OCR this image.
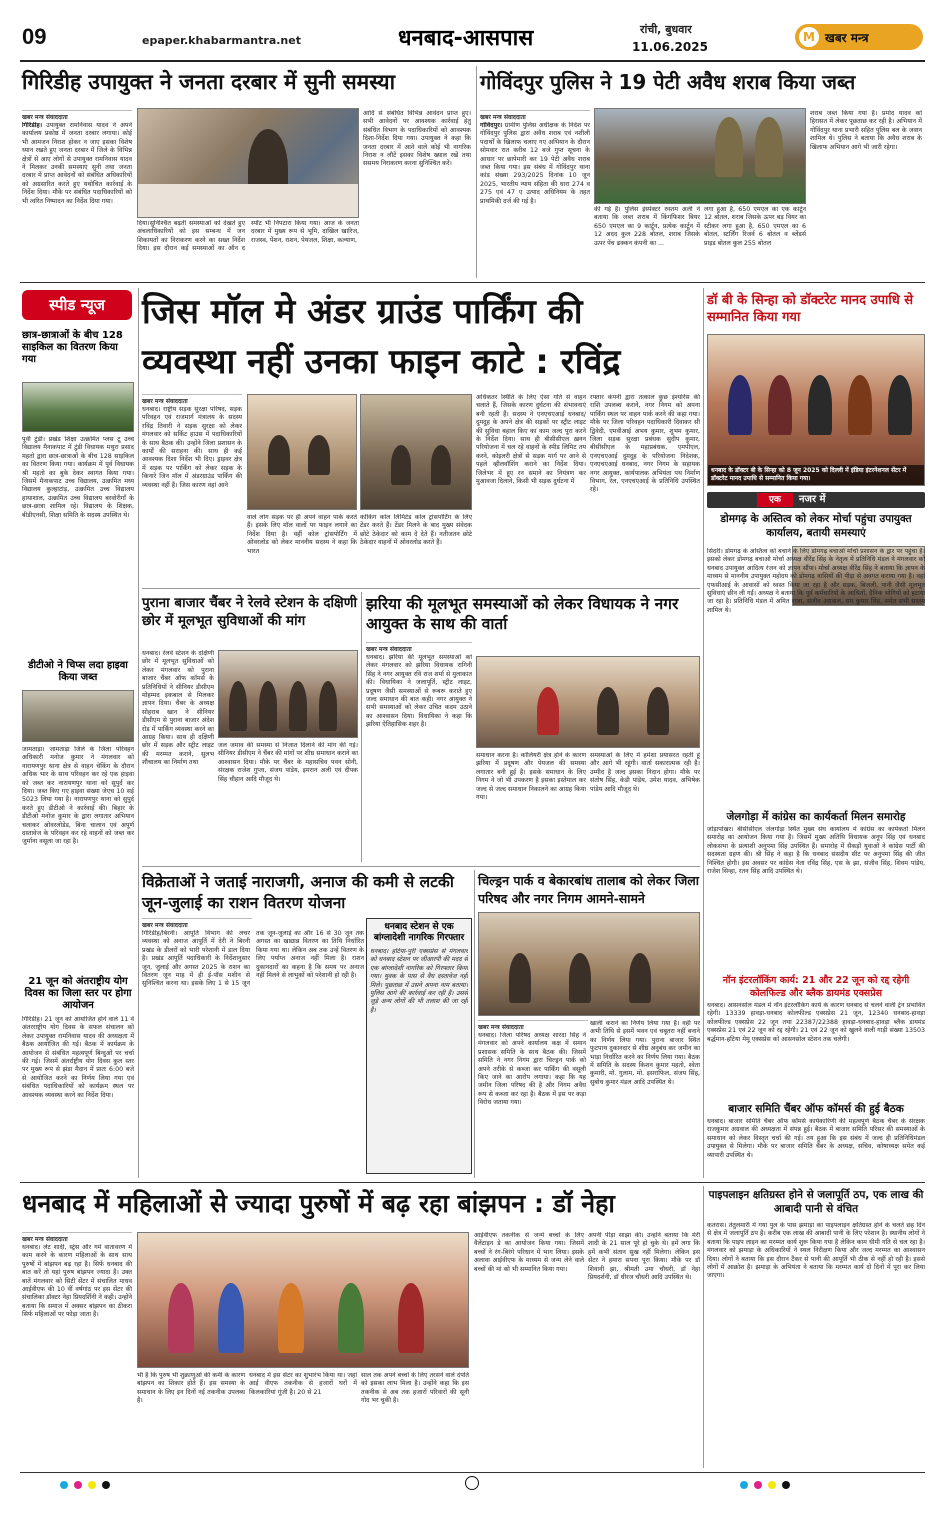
09	epaper.khabarmantra.net	धनबाद-आसपास	रांची, बुधवार
11.06.2025
M खबर मन्त्र
गिरिडीह उपायुक्त ने जनता दरबार में सुनी समस्या
खबर मन्त्र संवाददाता
गिरिडीह। उपायुक्त रामनिवास यादव ने अपने कार्यालय प्रकोष्ठ में जनता दरबार लगाया। कोई भी आमजन निराश होकर न जाए इसका विशेष ध्यान रखते हुए जनता दरबार में जिले के विभिन्न क्षेत्रों से आए लोगों से उपायुक्त रामनिवास यादव ने मिलकर उनकी समस्याएं सुनी तथा जनता दरबार में प्राप्त आवेदनों को संबंधित अधिकारियों को अग्रसारित करते हुए यथोचित कार्रवाई के निर्देश दिया। मौके पर संबंधित पदाधिकारियों को भी त्वरित निष्पादन का निर्देश दिया गया।
दिया।सुनिश्चित बढ़ती समस्याओं को देखते हुए अंचलाधिकारियों को इस सम्बन्ध में जन शिकायतों का निराकरण करने का सख्त निर्देश दिया। इस दौरान कई समस्याओं का ऑन द स्पॉट भी निपटारा किया गया। आज के जनता दरबार में मुख्य रूप से भूमि, दाखिल खारिज, राजस्व, पेंशन, राशन, पेयजल, शिक्षा, कल्याण,
आदि से संबंधित विभिन्न आवेदन प्राप्त हुए। सभी आवेदनों पर आवश्यक कार्रवाई हेतु संबंधित विभाग के पदाधिकारियों को आवश्यक दिशा-निर्देश दिया गया। उपायुक्त ने कहा कि जनता दरबार में आने वाले कोई भी नागरिक निराश न लौटें इसका विशेष ख्याल रखें तथा ससमय निराकरण करना सुनिश्चित करें।
गोविंदपुर पुलिस ने 19 पेटी अवैध शराब किया जब्त
खबर मन्त्र संवाददाता
गोविंदपुर। ग्रामीण पुलिस अधीक्षक के निर्देश पर गोविंदपुर पुलिस द्वारा अवैध शराब एवं नशीली पदार्थों के खिलाफ चलाए गए अभियान के दौरान सोमवार रात करीब 12 बजे गुप्त सूचना के आधार पर छापेमारी कर 19 पेटी अवैध शराब जब्त किया गया। इस संबंध में गोविंदपुर थाना कांड संख्या 293/2025 दिनांक 10 जून 2025, भारतीय न्याय संहिता की धारा 274 व 275 एवं 47 ए उत्पाद अधिनियम के तहत प्राथमिकी दर्ज की गई है।
की गई है। पुलिस इंस्पेक्टर रुस्तम अली ने बताया कि जब्त शराब में किंगफिशर बियर 650 एमएल का 9 कार्टून, प्रत्येक कार्टून में 12 अदद कुल 228 बोतल, शराब जिसके ऊपर पेंच ढक्कन कंपनी का ...
लगा हुआ है, 650 एमएल का एक कार्टून 12 बोतल, शराब जिसके ऊपर बड़ वियर का स्टीकर लगा हुआ है, 650 एमएल का 6 बोतल, स्टर्लिंग रिजर्व 6 बोतल व ब्लेंडर्स प्राइड बोतल कुल 255 बोतल
शराब जब्त किया गया है। प्रमोद यादव को हिरासत में लेकर पूछताछ कर रही है। अभियान में गोविंदपुर थाना प्रभारी सहित पुलिस बल के जवान शामिल थे। पुलिस ने बताया कि अवैध शराब के खिलाफ अभियान आगे भी जारी रहेगा।
स्पीड न्यूज
छात्र-छात्राओं के बीच 128 साइकिल का वितरण किया गया
पूर्वी टुंडी। प्रखंड शिक्षा उत्क्रमित प्लस टू उच्च विद्यालय मैनाकपाट में टुंडी विधायक मथुरा प्रसाद महतो द्वारा छात्र-छात्राओं के बीच 128 साइकिल का वितरण किया गया। कार्यक्रम में पूर्व विधायक श्री महतो का बुके देकर स्वागत किया गया। जिसमें मैनाकपाट उच्च विद्यालय, उत्क्रमित मध्य विद्यालय कुल्हाटांड़, उत्क्रमित उच्च विद्यालय हाथाशाल, उत्क्रमित उच्च विद्यालय बरवोरीगाँ के छात्र-छात्रा शामिल रहे। विद्यालय के शिक्षक, बीडीएनसी, शिक्षा समिति के सदस्य उपस्थित थे।
डीटीओ ने चिप्स लदा हाइवा किया जब्त
जामताड़ा। जामताड़ा जिले के जिला परिवहन अधिकारी मनोज कुमार ने मंगलवार को नारायणपुर थाना क्षेत्र से वाहन चेकिंग के दौरान अधिक भार के साथ परिवहन कर रहे एक हाइवा को जब्त कर नारायणपुर थाना को सुपुर्द कर दिया। जब्त किए गए हाइवा संख्या जेएच 10 सई 5023 लिया गया है। नारायणपुर थाना को सुपुर्द करते हुए डीटीओ ने कार्रवाई की। बिहार के डीटीओ मनोज कुमार के द्वारा लगातार अभियान चलाकर ओवरलोडेड, बिना चालान एवं अपूर्ण दस्तावेज के परिवहन कर रहे वाहनों को जब्त कर जुर्माना वसूला जा रहा है।
21 जून को अंतराष्ट्रीय योग दिवस का जिला स्तर पर होगा आयोजन
गिरिडीह। 21 जून को आयोजित होने वाले 11 वें अंतरराष्ट्रीय योग दिवस के सफल संचालन को लेकर उपायुक्त रामनिवास यादव की अध्यक्षता में बैठक आयोजित की गई। बैठक में कार्यक्रम के आयोजन से संबंधित महत्वपूर्ण बिन्दुओं पर चर्चा की गई। जिसमें अंतर्राष्ट्रीय योग दिवस कुल स्तर पर मुख्य रूप से झंडा मैदान में प्रातः 6:00 बजे से आयोजित करने का निर्णय लिया गया एवं संबंधित पदाधिकारियों को कार्यक्रम स्थल पर आवश्यक व्यवस्था करने का निर्देश दिया।
जिस मॉल मे अंडर ग्राउंड पार्किंग की
व्यवस्था नहीं उनका फाइन काटे : रविंद्र
खबर मन्त्र संवाददाता
धनबाद। राष्ट्रीय सड़क सुरक्षा परिषद, सड़क परिवहन एवं राजमार्ग मंत्रालय के सदस्य रविंद्र तिवारी ने सड़क सुरक्षा को लेकर मंगलवार को सर्किट हाउस में पदाधिकारियों के साथ बैठक की। उन्होंने जिला प्रशासन के कार्यों की सराहना की। साथ ही कई आवश्यक दिशा निर्देश भी दिए। ड्राइवर क्षेत्र में सड़क पर पार्किंग को लेकर सड़क के किनारे जिन मॉल में अंडरग्राउंड पार्किंग की व्यवस्था नहीं है। जिस कारण वहां आने
वाले लोग सड़क पर ही अपने वाहन पार्क करते हैं। इसके लिए मॉल वालों पर फाइन लगाने का निर्देश दिया है। वहीं कोल ट्रांसपोर्टिंग में ओवरलोड को लेकर माननीय सदस्य ने कहा कि भारत
कोकिंग कोल लिमिटेड कोल ट्रांसपोर्टिंग के लिए टेंडर करते हैं। टेंडर मिलने के बाद मुख्य संवेदक छोटे ठेकेदार को काम दे देते हैं। नतीजतन छोटे ठेकेदार वाहनों में ओवरलोड करते हैं।
अधिकतर स्थिति के लिए ऐसा गति से वाहन चलाते हैं, जिसके कारण दुर्घटना की संभावनाएं बनी रहती हैं। सदस्य ने एनएचएआई धनबाद/दुमदुह के अपने क्षेत्र की सड़कों पर स्ट्रीट लाइट की सुविधा बहाल किए का काम जल्द पूरा करने के निर्देश दिया। साथ ही बीसीसीएल ख़नन परियोजना में चल रहे वाहनों के स्पीड लिमिट तय करने, कोइलरी क्षेत्रों से सड़क मार्ग पर आने से पहले व्हीलवॉशिंग कराने का निर्देश दिया। जिलेभर में हुए रन समाने का नियंत्रण कर मुआवजा दिलाने, किसी भी सड़क दुर्घटना में
रफ्तार कंपनी द्वारा तत्काल कुछ इंश्योरेंस की राशि उपलब्ध कराने, नगर निगम को अपना पार्किंग स्थल पर वाहन पार्क करने की कहा गया। मौके पर जिला परिवहन पदाधिकारी दिवाकर सी द्विवेदी, एमवीआई अभय कुमार, शुभम कुमार, जिला सड़क सुरक्षा प्रबंधक सुदीप कुमार, बीसीसीएल के महाप्रबंधक, एमपीएल, एनएचएआई दुमदुह के परियोजना निदेशक, एनएचएआई धनबाद, नगर निगम के सहायक नगर आयुक्त, कार्यपालक अभियंता पथ निर्माण विभाग, रेल, एनएचएआई के प्रतिनिधि उपस्थित रहे।
पुराना बाजार चैंबर ने रेलवे स्टेशन के दक्षिणी छोर में मूलभूत सुविधाओं की मांग
धनबाद। रेलवे स्टेशन के दक्षिणी छोर में मूलभूत सुविधाओं को लेकर मंगलवार को पुराना बाजार चैंबर ऑफ कॉमर्स के प्रतिनिधियों ने सीनियर डीसीएम मोहम्मद इकबाल से मिलकर ज्ञापन दिया। चैंबर के अध्यक्ष सोहराब खान ने सीनियर डीसीएम से पुराना बाजार अंदेश रोड में पार्किंग व्यवस्था करने का आग्रह किया। साथ ही दक्षिणी छोर में सड़क और स्ट्रीट लाइट की मरम्मत कराने, सुलभ शौचालय का निर्माण तथा
जल जमाव की समस्या से निजात दिलाने की मांग की गई। सीनियर डीसीएम ने चैंबर की मांगों पर शीघ्र समाधान कराने का आश्वासन दिया। मौके पर चैंबर के महासचिव पवन सोनी, संरक्षक राजेश गुप्ता, संजय पांडेय, इमरान अली एवं दीपक सिंह चौहान आदि मौजूद थे।
झरिया की मूलभूत समस्याओं को लेकर विधायक ने नगर आयुक्त के साथ की वार्ता
खबर मन्त्र संवाददाता
धनबाद। झरिया की मूलभूत समस्याओं को लेकर मंगलवार को झरिया विधायक रागिनी सिंह ने नगर आयुक्त रवि राज शर्मा से मुलाकात की। विधायिका ने जलापूर्ति, स्ट्रीट लाइट, प्रदूषण जैसी समस्याओं से रूबरू कराते हुए जल्द समाधान की बात कही। नगर आयुक्त ने सभी समस्याओं को लेकर उचित कदम उठाने का आश्वासन दिया। विधायिका ने कहा कि झरिया ऐतिहासिक शहर है।
समाधान करना है। कोलियरी क्षेत्र होने के कारण झरिया में प्रदूषण और पेयजल की समस्या लगातार बनी हुई है। इसके समाधान के लिए निगम ने जो भी उपकरण है इसका इस्तेमाल कर जल्द से जल्द समाधान निकालने का आग्रह किया गया।
समस्याओं के लिए में हमेशा प्रयासरत रहती हूं और आगे भी रहूंगी। वार्ता सकारात्मक रही है। उम्मीद है जल्द इसका निदान होगा। मौके पर संतोष सिंह, केडी पांडेय, उमेश यादव, अभिषेक पांडेय आदि मौजूद थे।
विक्रेताओं ने जताई नाराजगी, अनाज की कमी से लटकी जून-जुलाई का राशन वितरण योजना
खबर मन्त्र संवाददाता
गिरिडीह/बिरनी। आपूर्ति विभाग की लचर व्यवस्था को अनाज आपूर्ति में देरी ने बिरनी प्रखंड के डीलरों को भारी परेशानी में डाल दिया है। प्रखंड आपूर्ति पदाधिकारी के निर्देशानुसार जून, जुलाई और अगस्त 2025 के राशन का वितरण जून माह में ही ई-पॉस मशीन से सुनिश्चित करना था। इसके लिए 1 से 15 जून तक जून-जुलाई का और 16 से 30 जून तक अगस्त का खाद्यान्न वितरण का तिथि निर्धारित किया गया था। लेकिन अब तक उन्हें वितरण के लिए पर्याप्त अनाज नहीं मिला है। राशन दुकानदारों का कहना है कि समय पर अनाज नहीं मिलने से लाभुकों को परेशानी हो रही है।
धनबाद स्टेशन से एक बांग्लादेशी नागरिक गिरफ्तार
धनबाद। हटिया-पुरी एक्सप्रेस से मंगलवार को धनबाद स्टेशन पर जीआरपी की मदद से एक बांग्लादेशी नागरिक को गिरफ्तार किया गया। युवक के पास से वैध दस्तावेज नहीं मिले। पूछताछ में उसने अपना नाम बताया। पुलिस आगे की कार्रवाई कर रही है। उससे जुड़े अन्य लोगों की भी तलाश की जा रही है।
चिल्ड्रन पार्क व बेकारबांध तालाब को लेकर जिला परिषद और नगर निगम आमने-सामने
खबर मन्त्र संवाददाता
धनबाद। जिला परिषद अध्यक्ष शारदा सिंह ने मंगलवार को अपने कार्यालय कक्ष में समान प्रशासक समिति के साथ बैठक की। जिसमें समिति ने नगर निगम द्वारा चिल्ड्रन पार्क को अपने तरीके से कब्जा कर पार्किंग की वसूली किए जाने का आरोप लगाया। कहा कि यह जमीन जिला परिषद की है और निगम अवैध रूप से कब्जा कर रहा है। बैठक में इस पर कड़ा विरोध जताया गया।
खाली कराने का निर्णय लिया गया है। वहीं पर अभी तिथि से इसमें भवन एवं चबूतरा नहीं बनाने का निर्णय लिया गया। पुराना बाजार स्थित फुटपाथ दुकानदार से शीघ्र अनुबंध कर जमीन का भाड़ा निर्धारित करने का निर्णय लिया गया। बैठक में समिति के सदस्य किशन कुमार महतो, श्वेता कुमारी, मो. गुलाम, मो. इसराफिल, संजय सिंह, सुबोध कुमार मंडल आदि उपस्थित थे।
डॉ बी के सिन्हा को डॉक्टरेट मानद उपाधि से सम्मानित किया गया
धनबाद के डॉक्टर बी के सिन्हा को 8 जून 2025 को दिल्ली में इंडिया इंटरनेशनल सेंटर में डॉक्टरेट मानद उपाधि से सम्मानित किया गया।
एक	नजर में
डोमगढ़ के अस्तित्व को लेकर मोर्चा पहुंचा उपायुक्त कार्यालय, बतायी समस्याएं
सिंदरी। डोमगढ़ के अस्तित्व को बचाने के लिए डोमगढ़ बचाओ मोर्चा प्रशासन के द्वार पर पहुंचा है। इसको लेकर डोमगढ़ बचाओ मोर्चा अध्यक्ष वीरेंद्र सिंह के नेतृत्व में प्रतिनिधि मंडल ने मंगलवार को धनबाद उपायुक्त आदित्य रंजन को ज्ञापन सौंपा। मोर्चा अध्यक्ष वीरेंद्र सिंह ने बताया कि ज्ञापन के माध्यम से माननीय उपायुक्त महोदय को डोमगढ़ वासियों की पीड़ा से अवगत कराया गया है। वहां एफसीआई के आवासों को ध्वस्त किया जा रहा है और सड़क, बिजली, पानी जैसी मूलभूत सुविधाएं छीन ली गईं। अध्यक्ष ने बताया कि पूर्व कर्मचारियों के आश्रितों, दैनिक भोगियों को हटाया जा रहा है। प्रतिनिधि मंडल में अमित राजा, संजीव अग्रवाल, राम कुमार सिंह, समेत सभी सदस्य शामिल थे।
जेलगोड़ा में कांग्रेस का कार्यकर्ता मिलन समारोह
जोड़ापोखर। बीसीसीएल जेलगोड़ा स्थित मुख्य संघ कार्यालय में कांग्रेस का कार्यकर्ता मिलन समारोह का आयोजन किया गया है। जिसमें मुख्य अतिथि विधायक अनूप सिंह एवं धनबाद लोकसभा के प्रत्याशी अनुपमा सिंह उपस्थित हैं। समारोह में सैकड़ों युवाओं ने कांग्रेस पार्टी की सदस्यता ग्रहण की। श्री सिंह ने कहा है कि धनबाद संसदीय सीट पर अनुपमा सिंह की जीत निश्चित होगी। इस अवसर पर कांग्रेस नेता रविंद्र सिंह, एस के झा, संजीव सिंह, शिवम पांडेय, राजेश सिन्हा, रतन सिंह आदि उपस्थित थे।
नॉन इंटरलॉकिंग कार्य: 21 और 22 जून को रद्द रहेगी कोलफिल्ड और ब्लैक डायमंड एक्सप्रेस
धनबाद। आसनसोल मंडल में नॉन इंटरलॉकिंग कार्य के कारण धनबाद से चलने वाली ट्रेन प्रभावित रहेगी। 13339 हावड़ा-धनबाद कोलफील्ड एक्सप्रेस 21 जून, 12340 धनबाद-हावड़ा कोलफील्ड एक्सप्रेस 22 जून तथा 22387/22388 हावड़ा-धनबाद-हावड़ा ब्लैक डायमंड एक्सप्रेस 21 एवं 22 जून को रद्द रहेगी। 21 एवं 22 जून को खुलने वाली गाड़ी संख्या 13503 बर्द्धमान-हटिया मेमू एक्सप्रेस को आसनसोल स्टेशन तक चलेगी।
बाजार समिति चैंबर ऑफ कॉमर्स की हुई बैठक
धनबाद। बाजार समिति चैंबर ऑफ कॉमर्स कार्यकारिणी की महत्वपूर्ण बैठक चैंबर के संरक्षक राजकुमार अग्रवाल की अध्यक्षता में संपन्न हुई। बैठक में बाजार समिति परिसर की समस्याओं के समाधान को लेकर विस्तृत चर्चा की गई। तय हुआ कि इस संबंध में जल्द ही प्रतिनिधिमंडल उपायुक्त से मिलेगा। मौके पर बाजार समिति चैंबर के अध्यक्ष, सचिव, कोषाध्यक्ष समेत कई व्यापारी उपस्थित थे।
धनबाद में महिलाओं से ज्यादा पुरुषों में बढ़ रहा बांझपन : डॉ नेहा
खबर मन्त्र संवाददाता
धनबाद। लेट शादी, स्ट्रेस और गर्म वातावरण में काम करने के कारण महिलाओं के साथ साथ पुरुषों में बांझपन बढ़ रहा है। सिर्फ धनबाद की बात करें तो यहां पुरुष बांझपन ज्यादा है। उक्त बातें मंगलवार को सिटी सेंटर में संचालित माधव आईवीएफ की 10 वीं वर्षगांठ पर इस सेंटर की संचालिका डॉक्टर नेहा प्रियदर्शिनी ने कही। उन्होंने बताया कि समाज में अक्सर बांझपन का ठीकरा सिर्फ महिलाओं पर फोड़ा जाता है।
भी है कि पुरुष भी शुक्राणुओं की कमी के कारण बांझपन का शिकार होते हैं। इस समस्या के समाधान के लिए इन दिनों नई तकनीक उपलब्ध है।
धनबाद में इस सेंटर का शुभारंभ किया था। जहां आई वीएफ तकनीक से हजारों घरों में किलकारियां गूंजी है। 20 से 21
साल तक अपने बच्चों के लिए तरसने वाले दंपति को इसका लाभ मिला है। उन्होंने कहा कि इस तकनीक से अब तक हजारों परिवारों की सूनी गोद भर चुकी है।
आईवीएफ तकनीक से जन्मे बच्चों के लिए वैलेंटाइन डे का आयोजन किया गया। जिसमें बच्चों ने रंग-बिरंगे परिधान में भाग लिया। इसके अलावा आईवीएफ के माध्यम से जन्म लेने वाले बच्चों की मां को भी सम्मानित किया गया।
अपनी पीड़ा साझा की। उन्होंने बताया कि मेरी शादी के 21 साल पूरे हो चुके थे। हमें लगा कि हमें कभी संतान सुख नहीं मिलेगा। लेकिन इस सेंटर ने हमारा सपना पूरा किया। मौके पर डॉ शिवानी झा, श्रीमती उमा चौधरी, डॉ नेहा प्रियदर्शनी, डॉ धीरज चौधरी आदि उपस्थित थे।
पाइपलाइन क्षतिग्रस्त होने से जलापूर्ति ठप, एक लाख की आबादी पानी से वंचित
कतरास। तेतुलमारी में गया पुल के पास झमाड़ा का पाइपलाइन क्षतिग्रस्त होने के चलते छह दिन से क्षेत्र में जलापूर्ति ठप है। करीब एक लाख की आबादी पानी के लिए परेशान है। स्थानीय लोगों ने बताया कि पाइप लाइन का मरम्मत कार्य शुरू किया गया है लेकिन काम धीमी गति से चल रहा है। मंगलवार को झमाड़ा के अधिकारियों ने स्थल निरीक्षण किया और जल्द मरम्मत का आश्वासन दिया। लोगों ने बताया कि इस दौरान टैंकर से पानी की आपूर्ति भी ठीक से नहीं हो रही है। इससे लोगों में आक्रोश है। झमाड़ा के अभियंता ने बताया कि मरम्मत कार्य दो दिनों में पूरा कर लिया जाएगा।
